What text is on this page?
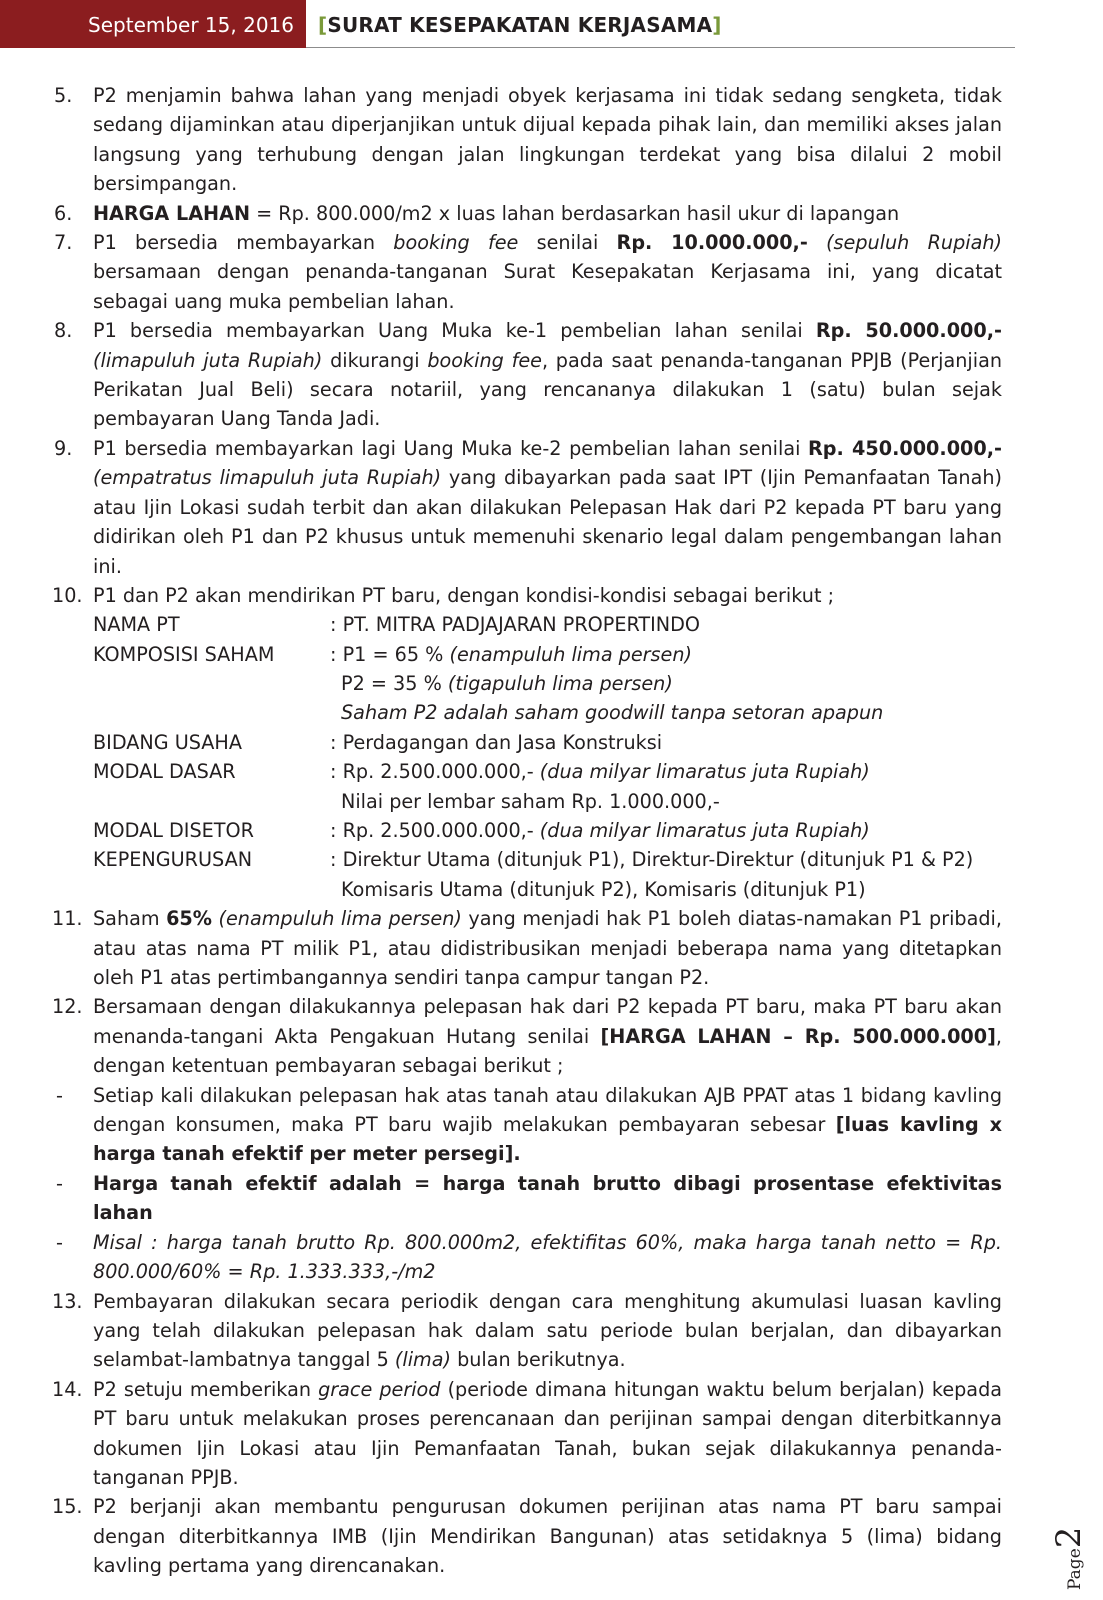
September 15, 2016	[SURAT KESEPAKATAN KERJASAMA]
5. P2 menjamin bahwa lahan yang menjadi obyek kerjasama ini tidak sedang sengketa, tidak sedang dijaminkan atau diperjanjikan untuk dijual kepada pihak lain, dan memiliki akses jalan langsung yang terhubung dengan jalan lingkungan terdekat yang bisa dilalui 2 mobil bersimpangan.
6. HARGA LAHAN = Rp. 800.000/m2 x luas lahan berdasarkan hasil ukur di lapangan
7. P1 bersedia membayarkan booking fee senilai Rp. 10.000.000,- (sepuluh Rupiah) bersamaan dengan penanda-tanganan Surat Kesepakatan Kerjasama ini, yang dicatat sebagai uang muka pembelian lahan.
8. P1 bersedia membayarkan Uang Muka ke-1 pembelian lahan senilai Rp. 50.000.000,- (limapuluh juta Rupiah) dikurangi booking fee, pada saat penanda-tanganan PPJB (Perjanjian Perikatan Jual Beli) secara notariil, yang rencananya dilakukan 1 (satu) bulan sejak pembayaran Uang Tanda Jadi.
9. P1 bersedia membayarkan lagi Uang Muka ke-2 pembelian lahan senilai Rp. 450.000.000,- (empatratus limapuluh juta Rupiah) yang dibayarkan pada saat IPT (Ijin Pemanfaatan Tanah) atau Ijin Lokasi sudah terbit dan akan dilakukan Pelepasan Hak dari P2 kepada PT baru yang didirikan oleh P1 dan P2 khusus untuk memenuhi skenario legal dalam pengembangan lahan ini.
10. P1 dan P2 akan mendirikan PT baru, dengan kondisi-kondisi sebagai berikut ;
NAMA PT	: PT. MITRA PADJAJARAN PROPERTINDO
KOMPOSISI SAHAM	: P1 = 65 % (enampuluh lima persen)
P2 = 35 % (tigapuluh lima persen)
Saham P2 adalah saham goodwill tanpa setoran apapun
BIDANG USAHA	: Perdagangan dan Jasa Konstruksi
MODAL DASAR	: Rp. 2.500.000.000,- (dua milyar limaratus juta Rupiah)
Nilai per lembar saham Rp. 1.000.000,-
MODAL DISETOR	: Rp. 2.500.000.000,- (dua milyar limaratus juta Rupiah)
KEPENGURUSAN	: Direktur Utama (ditunjuk P1), Direktur-Direktur (ditunjuk P1 & P2)
Komisaris Utama (ditunjuk P2), Komisaris (ditunjuk P1)
11. Saham 65% (enampuluh lima persen) yang menjadi hak P1 boleh diatas-namakan P1 pribadi, atau atas nama PT milik P1, atau didistribusikan menjadi beberapa nama yang ditetapkan oleh P1 atas pertimbangannya sendiri tanpa campur tangan P2.
12. Bersamaan dengan dilakukannya pelepasan hak dari P2 kepada PT baru, maka PT baru akan menanda-tangani Akta Pengakuan Hutang senilai [HARGA LAHAN – Rp. 500.000.000], dengan ketentuan pembayaran sebagai berikut ;
- Setiap kali dilakukan pelepasan hak atas tanah atau dilakukan AJB PPAT atas 1 bidang kavling dengan konsumen, maka PT baru wajib melakukan pembayaran sebesar [luas kavling x harga tanah efektif per meter persegi].
- Harga tanah efektif adalah = harga tanah brutto dibagi prosentase efektivitas lahan
- Misal : harga tanah brutto Rp. 800.000m2, efektifitas 60%, maka harga tanah netto = Rp. 800.000/60% = Rp. 1.333.333,-/m2
13. Pembayaran dilakukan secara periodik dengan cara menghitung akumulasi luasan kavling yang telah dilakukan pelepasan hak dalam satu periode bulan berjalan, dan dibayarkan selambat-lambatnya tanggal 5 (lima) bulan berikutnya.
14. P2 setuju memberikan grace period (periode dimana hitungan waktu belum berjalan) kepada PT baru untuk melakukan proses perencanaan dan perijinan sampai dengan diterbitkannya dokumen Ijin Lokasi atau Ijin Pemanfaatan Tanah, bukan sejak dilakukannya penanda-tanganan PPJB.
15. P2 berjanji akan membantu pengurusan dokumen perijinan atas nama PT baru sampai dengan diterbitkannya IMB (Ijin Mendirikan Bangunan) atas setidaknya 5 (lima) bidang kavling pertama yang direncanakan.	Page2
